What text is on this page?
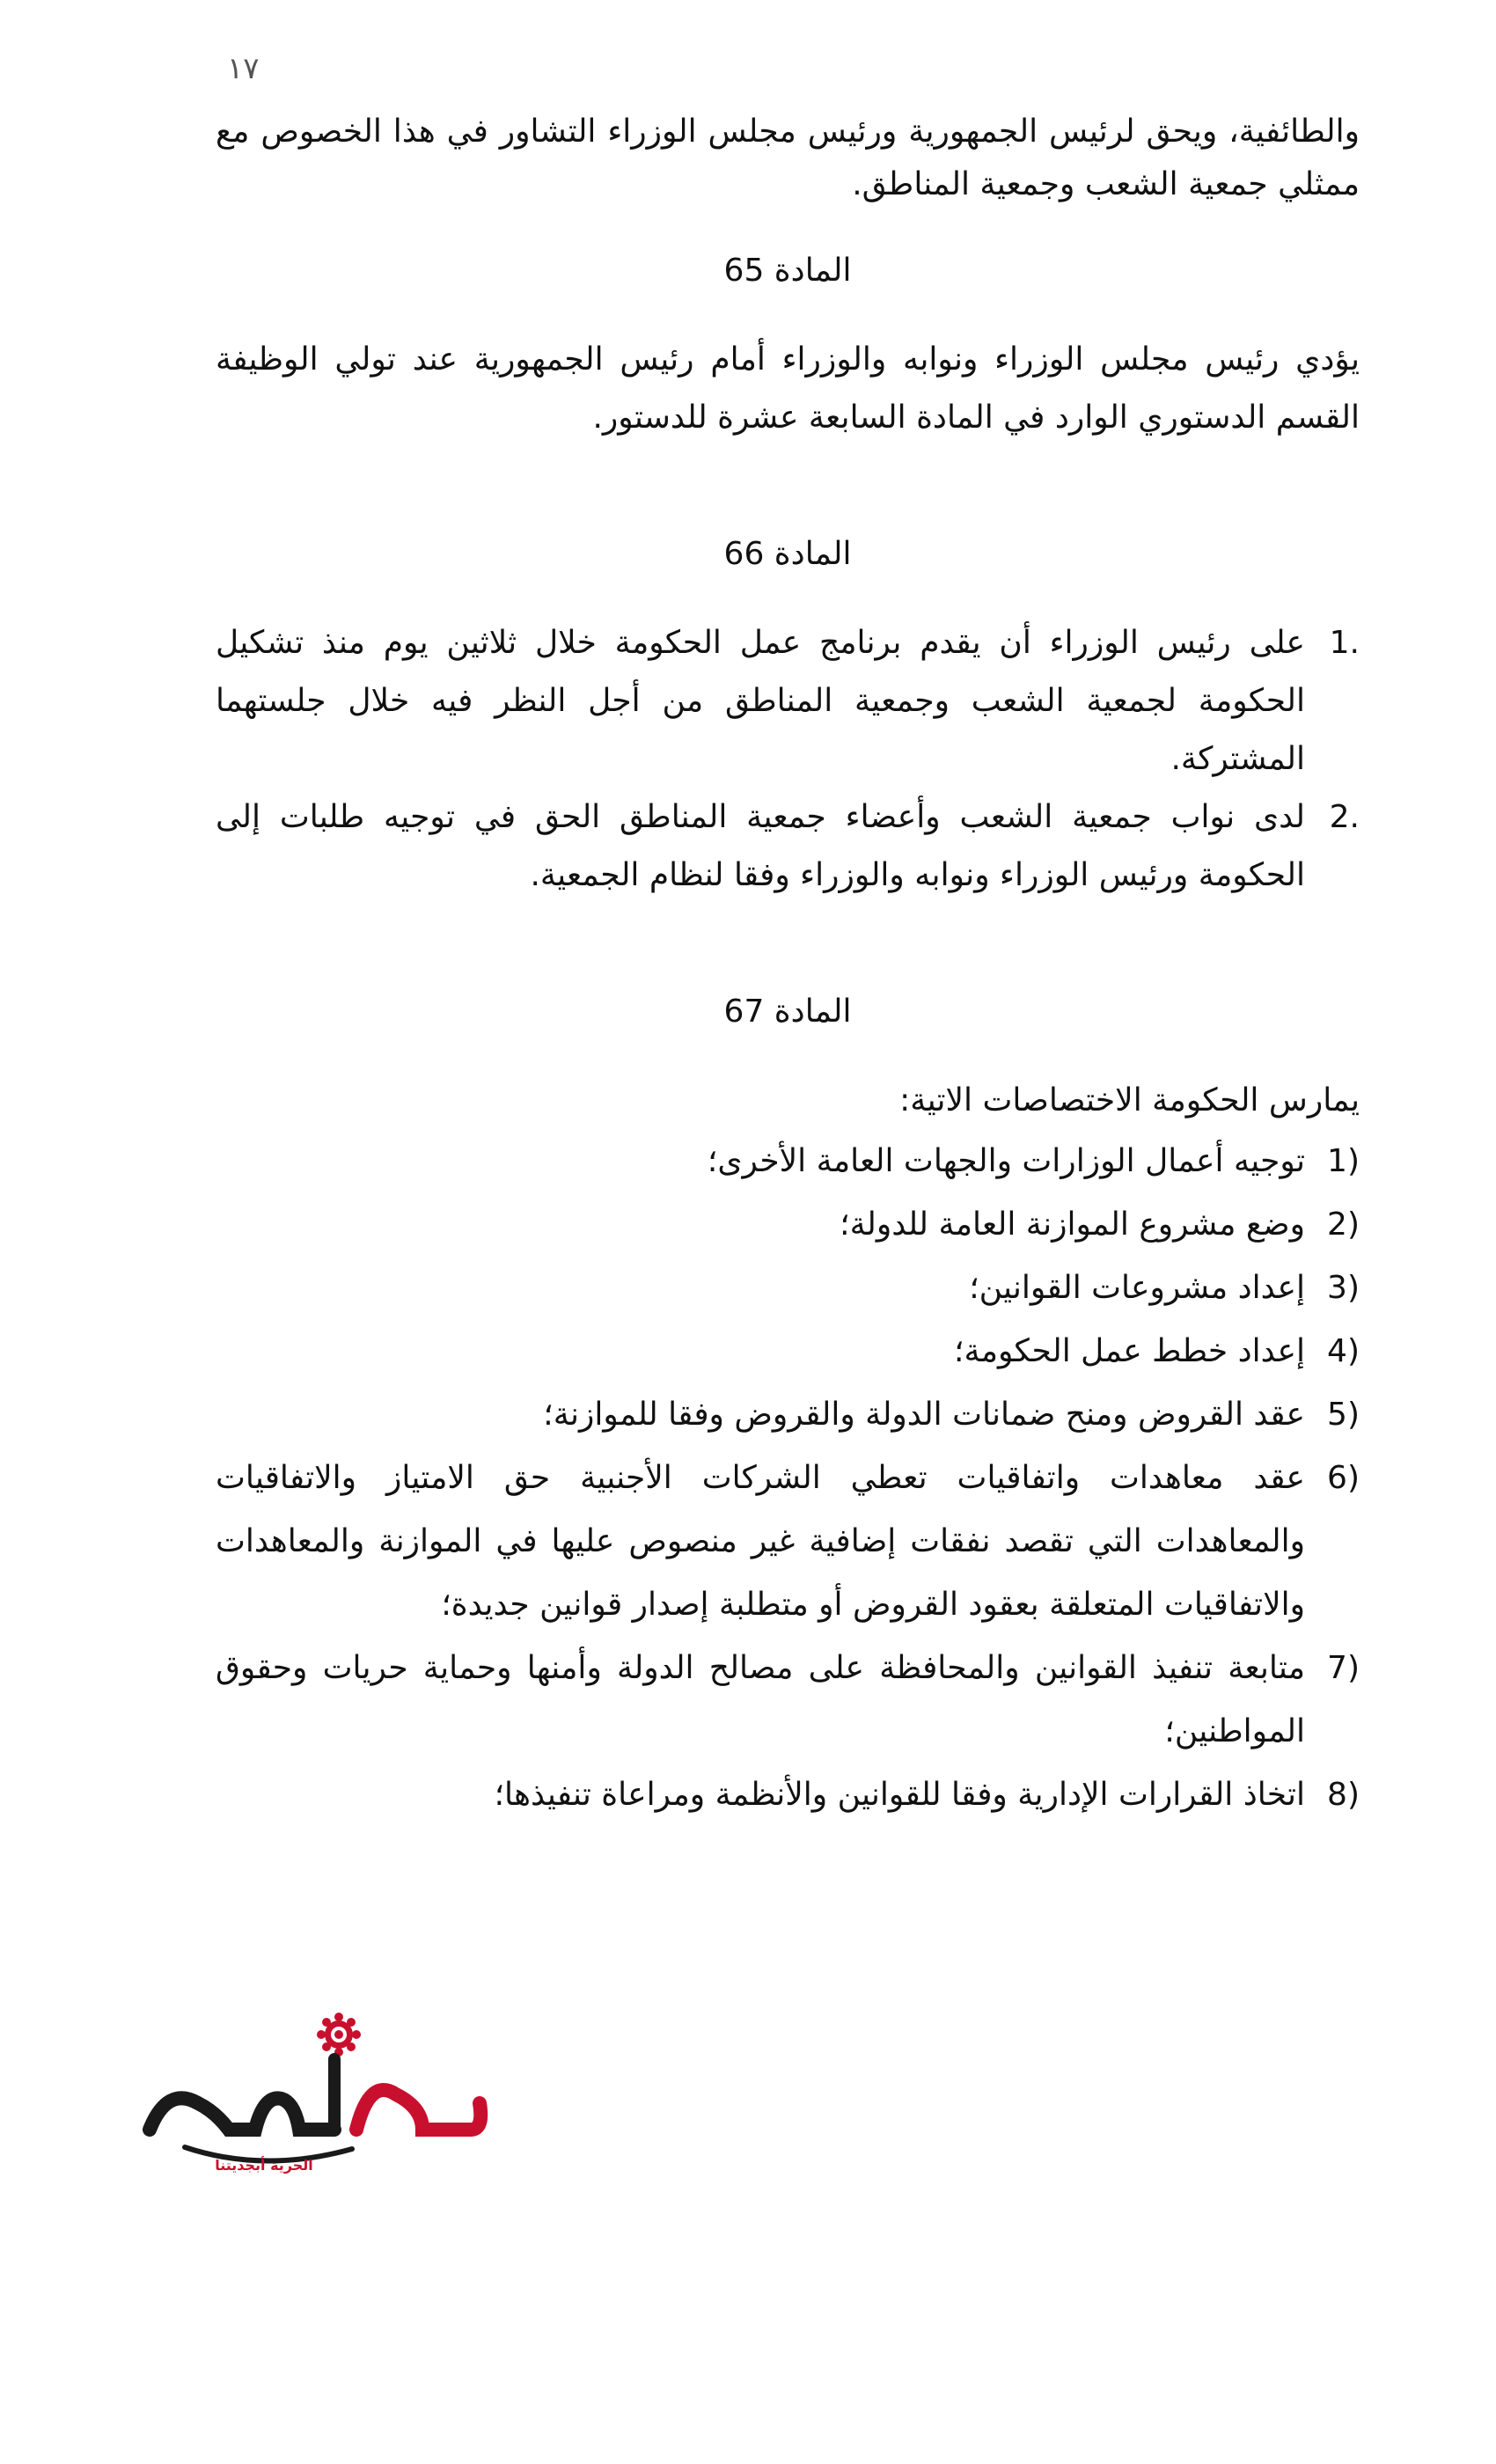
١٧

والطائفية، ويحق لرئيس الجمهورية ورئيس مجلس الوزراء التشاور في هذا الخصوص مع ممثلي جمعية الشعب وجمعية المناطق.

المادة 65

يؤدي رئيس مجلس الوزراء ونوابه والوزراء أمام رئيس الجمهورية عند تولي الوظيفة القسم الدستوري الوارد في المادة السابعة عشرة للدستور.

المادة 66

1.
على رئيس الوزراء أن يقدم برنامج عمل الحكومة خلال ثلاثين يوم منذ تشكيل الحكومة لجمعية الشعب وجمعية المناطق من أجل النظر فيه خلال جلستهما المشتركة.

2.
لدى نواب جمعية الشعب وأعضاء جمعية المناطق الحق في توجيه طلبات إلى الحكومة ورئيس الوزراء ونوابه والوزراء وفقا لنظام الجمعية.

المادة 67

يمارس الحكومة الاختصاصات الاتية:

1)
توجيه أعمال الوزارات والجهات العامة الأخرى؛

2)
وضع مشروع الموازنة العامة للدولة؛

3)
إعداد مشروعات القوانين؛

4)
إعداد خطط عمل الحكومة؛

5)
عقد القروض ومنح ضمانات الدولة والقروض وفقا للموازنة؛

6)
عقد معاهدات واتفاقيات تعطي الشركات الأجنبية حق الامتياز والاتفاقيات والمعاهدات التي تقصد نفقات إضافية غير منصوص عليها في الموازنة والمعاهدات والاتفاقيات المتعلقة بعقود القروض أو متطلبة إصدار قوانين جديدة؛

7)
متابعة تنفيذ القوانين والمحافظة على مصالح الدولة وأمنها وحماية حريات وحقوق المواطنين؛

8)
اتخاذ القرارات الإدارية وفقا للقوانين والأنظمة ومراعاة تنفيذها؛

الحرية أبجديتنا
